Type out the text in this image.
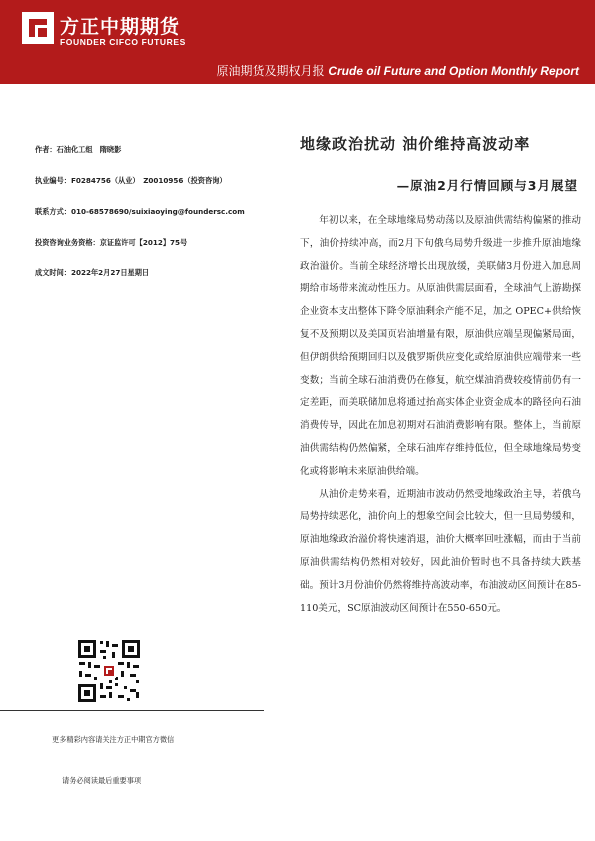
方正中期期货
FOUNDER CIFCO FUTURES
原油期货及期权月报 Crude oil Future and Option Monthly Report
作者：石油化工组　隋晓影
执业编号：F0284756（从业）　Z0010956（投资咨询）
联系方式：010-68578690/suixiaoying@foundersc.com
投资咨询业务资格：京证监许可【2012】75号
成文时间：2022年2月27日星期日
地缘政治扰动 油价维持高波动率
—原油2月行情回顾与3月展望

年初以来，在全球地缘局势动荡以及原油供需结构偏紧的推动下，油价持续冲高，而2月下旬俄乌局势升级进一步推升原油地缘政治溢价。当前全球经济增长出现放缓，美联储3月份进入加息周期给市场带来流动性压力。从原油供需层面看，全球油气上游勘探企业资本支出整体下降令原油剩余产能不足，加之 OPEC+供给恢复不及预期以及美国页岩油增量有限，原油供应端呈现偏紧局面，但伊朗供给预期回归以及俄罗斯供应变化或给原油供应端带来一些变数；当前全球石油消费仍在修复，航空煤油消费较疫情前仍有一定差距，而美联储加息将通过抬高实体企业资金成本的路径向石油消费传导，因此在加息初期对石油消费影响有限。整体上，当前原油供需结构仍然偏紧，全球石油库存维持低位，但全球地缘局势变化或将影响未来原油供给端。

从油价走势来看，近期油市波动仍然受地缘政治主导，若俄乌局势持续恶化，油价向上的想象空间会比较大，但一旦局势缓和，原油地缘政治溢价将快速消退，油价大概率回吐涨幅，而由于当前原油供需结构仍然相对较好，因此油价暂时也不具备持续大跌基础。预计3月份油价仍然将维持高波动率，布油波动区间预计在85-110美元，SC原油波动区间预计在550-650元。

更多精彩内容请关注方正中期官方微信
请务必阅读最后重要事项
